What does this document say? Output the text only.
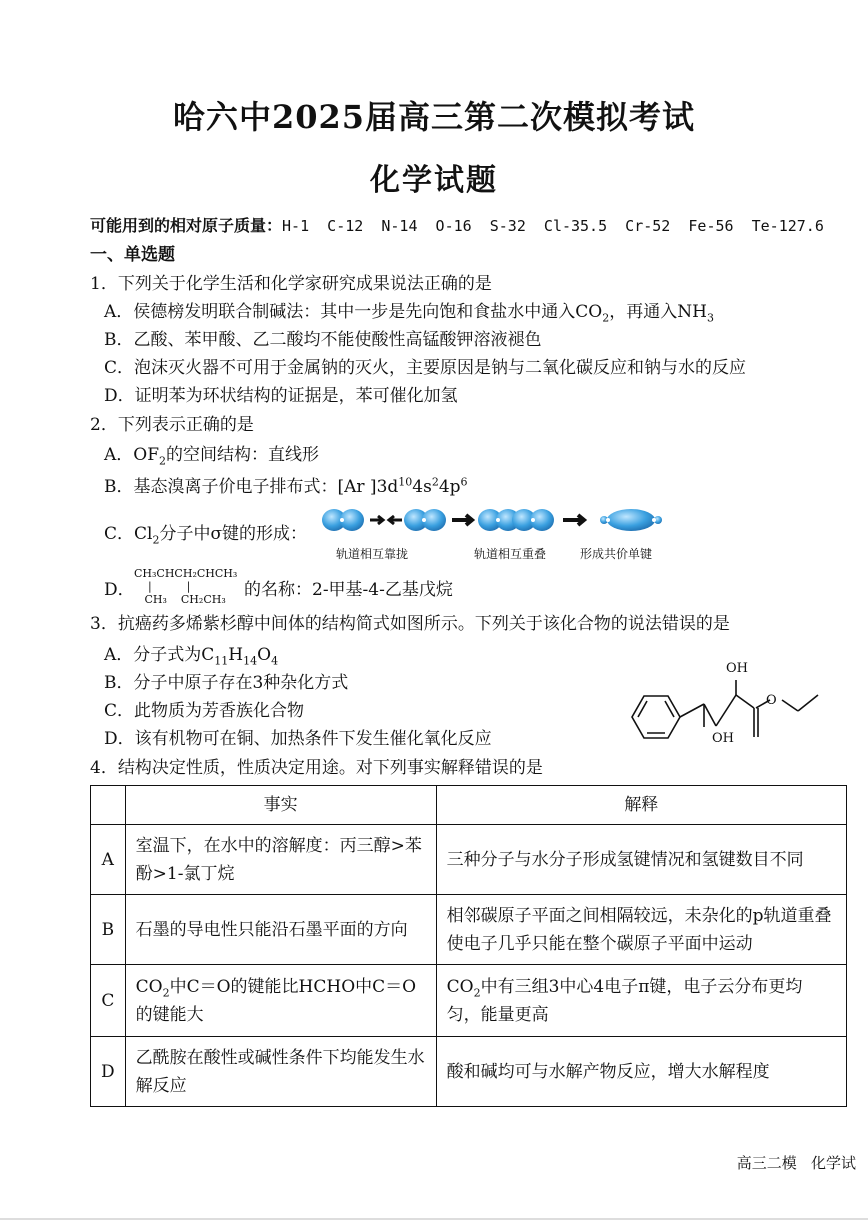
哈六中2025届高三第二次模拟考试
化学试题
可能用到的相对原子质量：H-1  C-12  N-14  O-16  S-32  Cl-35.5  Cr-52  Fe-56  Te-127.6
一、单选题
1．下列关于化学生活和化学家研究成果说法正确的是
A．侯德榜发明联合制碱法：其中一步是先向饱和食盐水中通入$CO_2$，再通入$NH_3$
B．乙酸、苯甲酸、乙二酸均不能使酸性高锰酸钾溶液褪色
C．泡沫灭火器不可用于金属钠的灭火，主要原因是钠与二氧化碳反应和钠与水的反应
D．证明苯为环状结构的证据是，苯可催化加氢
2．下列表示正确的是
A．$OF_2$的空间结构：直线形
B．基态溴离子价电子排布式：[Ar ]$3d^{10}4s^24p^6$
C．$Cl_2$分子中σ键的形成：
轨道相互靠拢	轨道相互重叠	形成共价单键
D．
CH₃CHCH₂CHCH₃
|          |
CH₃    CH₂CH₃	的名称：2-甲基-4-乙基戊烷
3．抗癌药多烯紫杉醇中间体的结构简式如图所示。下列关于该化合物的说法错误的是
A．分子式为$C_{11}H_{14}O_4$
B．分子中原子存在3种杂化方式
C．此物质为芳香族化合物
D．该有机物可在铜、加热条件下发生催化氧化反应
OH
OH
O
4．结构决定性质，性质决定用途。对下列事实解释错误的是
	事实	解释
A	室温下，在水中的溶解度：丙三醇>苯酚>1-氯丁烷	三种分子与水分子形成氢键情况和氢键数目不同
B	石墨的导电性只能沿石墨平面的方向	相邻碳原子平面之间相隔较远，未杂化的p轨道重叠使电子几乎只能在整个碳原子平面中运动
C	$CO_2$中C＝O的键能比HCHO中C＝O的键能大	$CO_2$中有三组3中心4电子π键，电子云分布更均匀，能量更高
D	乙酰胺在酸性或碱性条件下均能发生水解反应	酸和碱均可与水解产物反应，增大水解程度
高三二模   化学试
